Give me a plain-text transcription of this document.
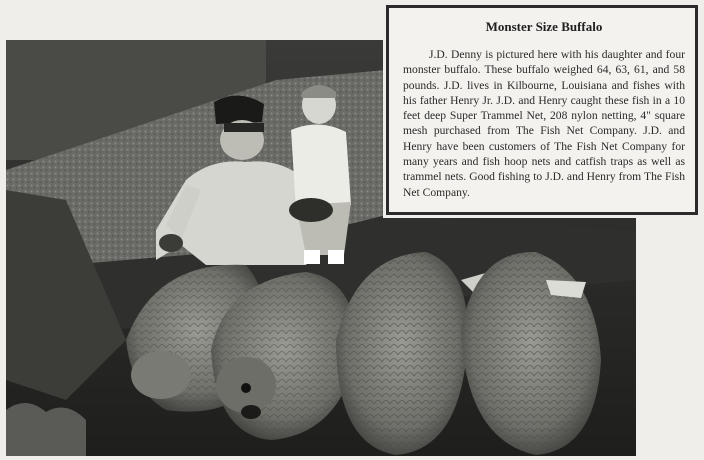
Monster Size Buffalo

J.D. Denny is pictured here with his daughter and four monster buffalo. These buffalo weighed 64, 63, 61, and 58 pounds. J.D. lives in Kilbourne, Louisiana and fishes with his father Henry Jr. J.D. and Henry caught these fish in a 10 feet deep Super Trammel Net, 208 nylon netting, 4" square mesh purchased from The Fish Net Company. J.D. and Henry have been customers of The Fish Net Company for many years and fish hoop nets and catfish traps as well as trammel nets. Good fishing to J.D. and Henry from The Fish Net Company.
